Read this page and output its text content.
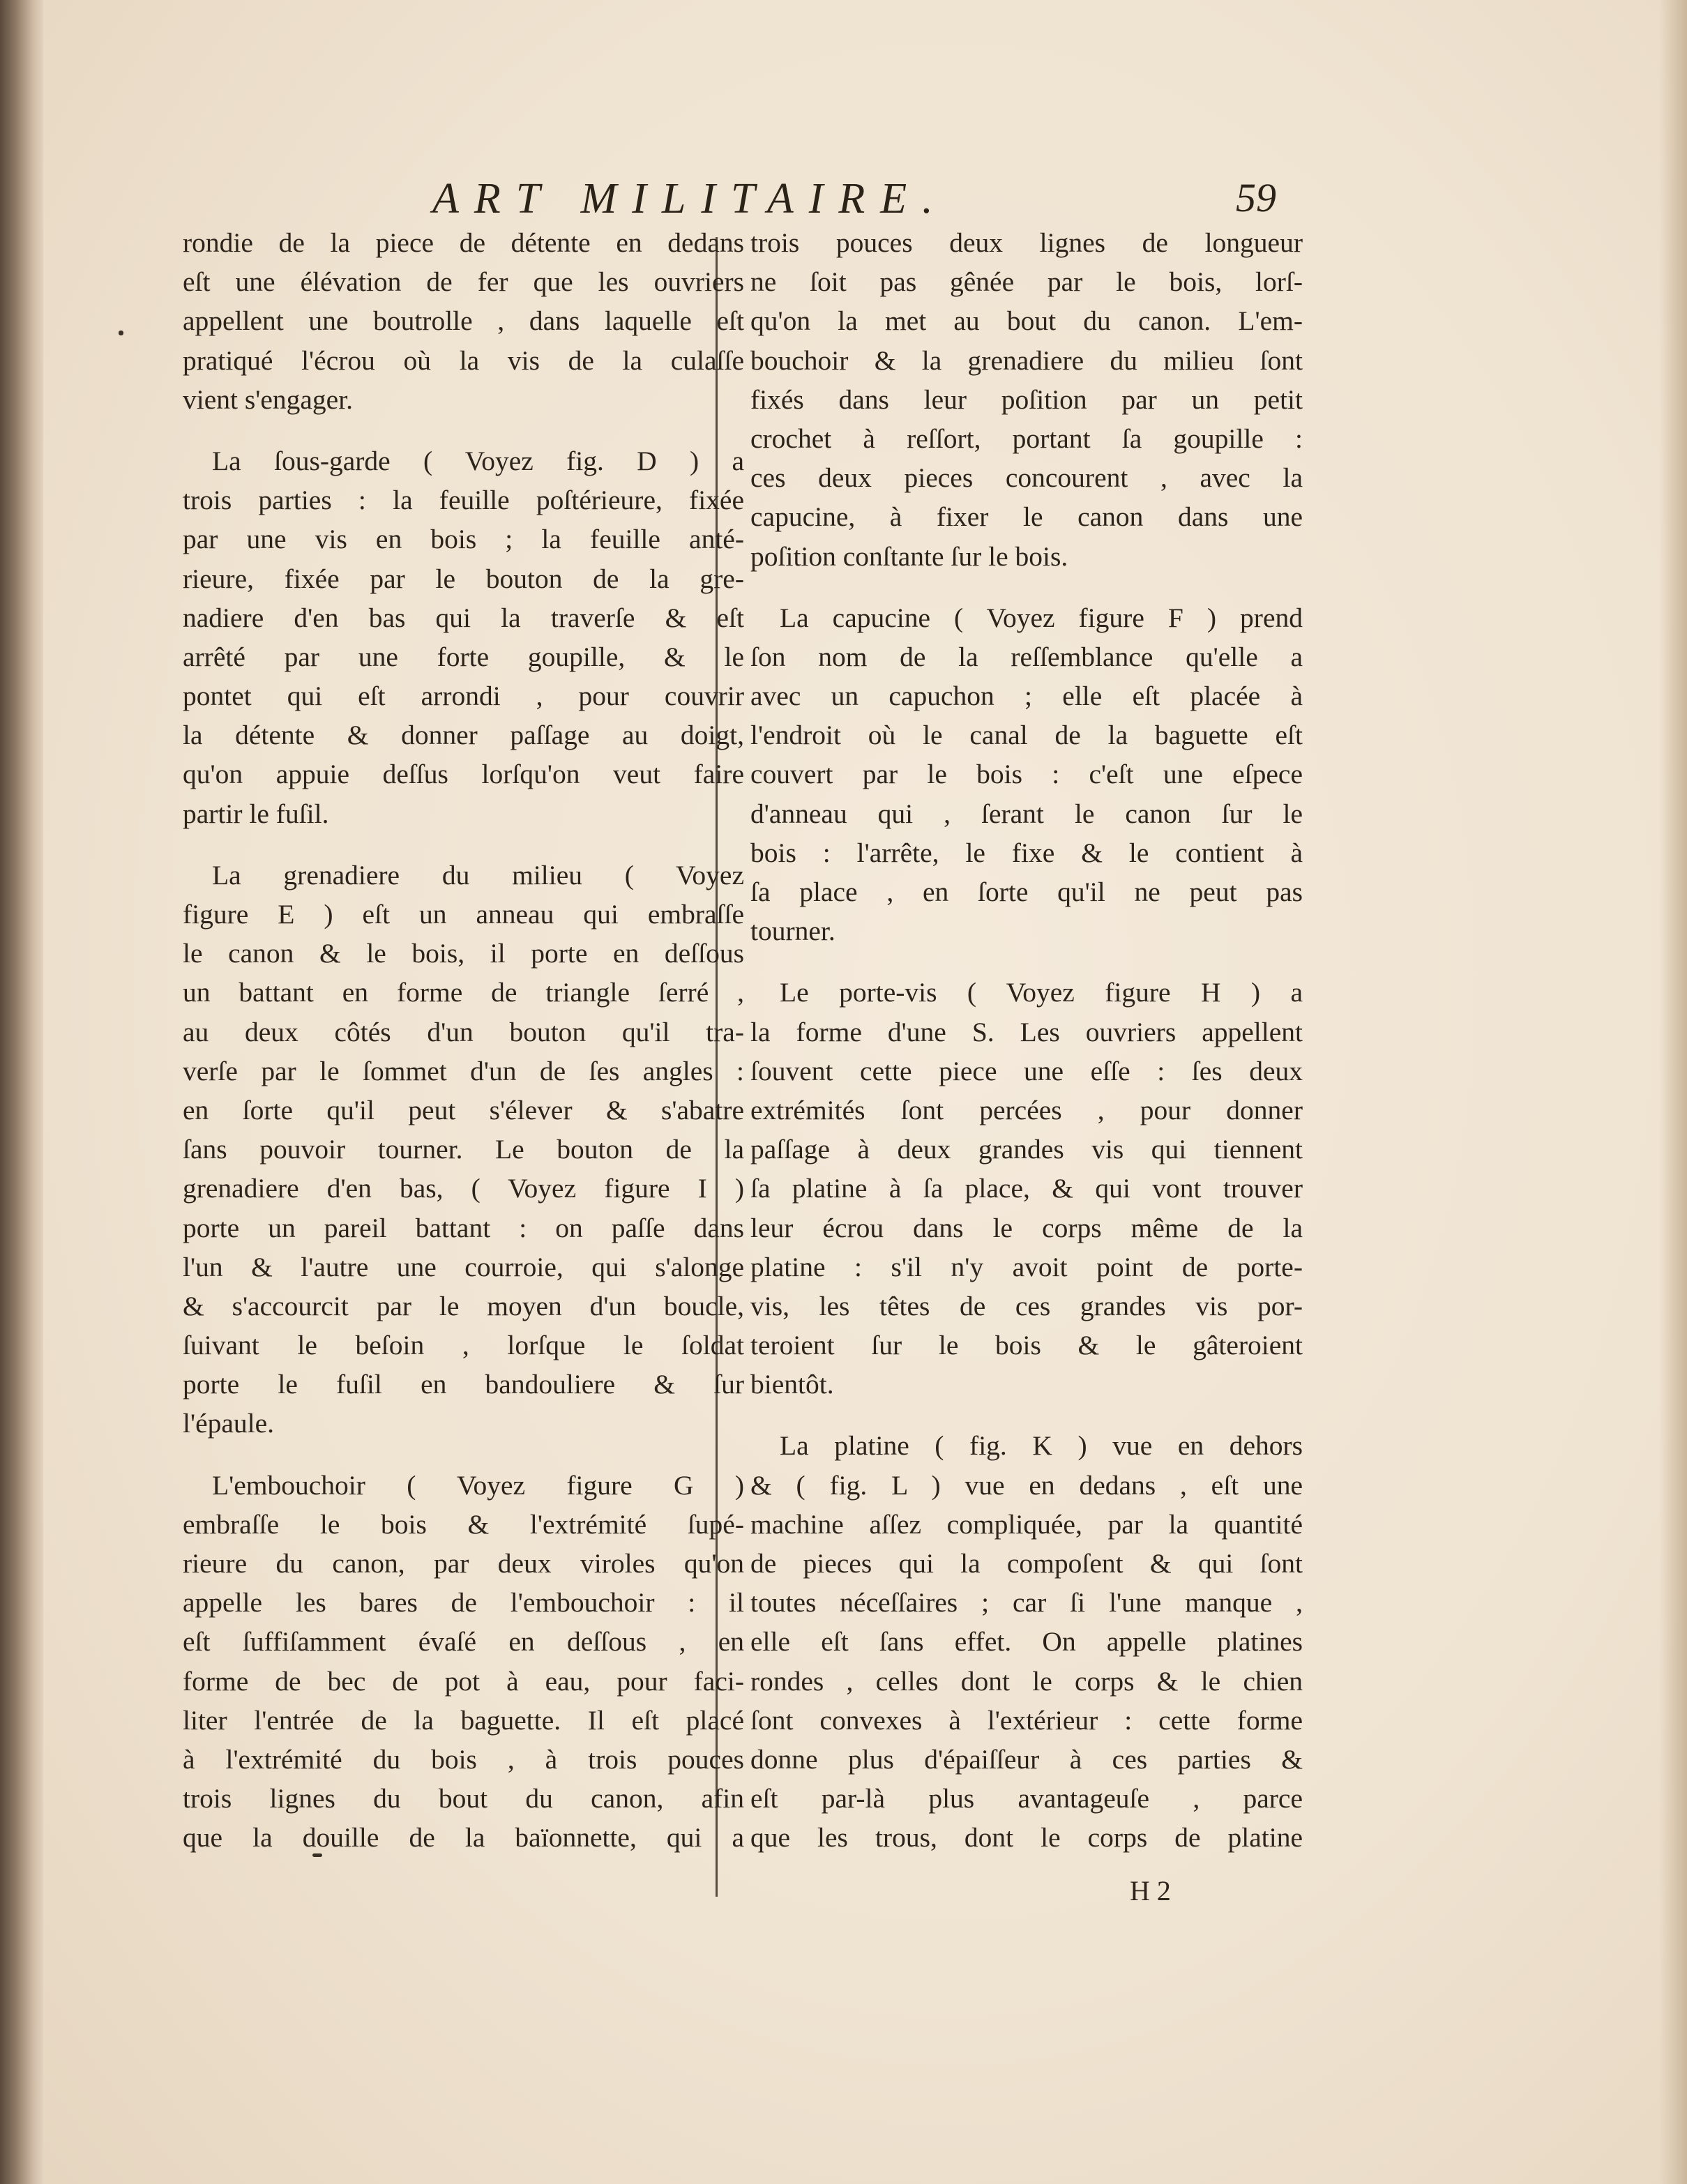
ART MILITAIRE.	59
rondie de la piece de détente en dedans
eſt une élévation de fer que les ouvriers
appellent une boutrolle , dans laquelle eſt
pratiqué l'écrou où la vis de la culaſſe
vient s'engager.
La ſous-garde ( Voyez fig. D ) a
trois parties : la feuille poſtérieure, fixée
par une vis en bois ; la feuille anté-
rieure, fixée par le bouton de la gre-
nadiere d'en bas qui la traverſe & eſt
arrêté par une forte goupille, & le
pontet qui eſt arrondi , pour couvrir
la détente & donner paſſage au doigt,
qu'on appuie deſſus lorſqu'on veut faire
partir le fuſil.
La grenadiere du milieu ( Voyez
figure E ) eſt un anneau qui embraſſe
le canon & le bois, il porte en deſſous
un battant en forme de triangle ſerré ,
au deux côtés d'un bouton qu'il tra-
verſe par le ſommet d'un de ſes angles :
en ſorte qu'il peut s'élever & s'abatre
ſans pouvoir tourner. Le bouton de la
grenadiere d'en bas, ( Voyez figure I )
porte un pareil battant : on paſſe dans
l'un & l'autre une courroie, qui s'alonge
& s'accourcit par le moyen d'un boucle,
ſuivant le beſoin , lorſque le ſoldat
porte le fuſil en bandouliere & ſur
l'épaule.
L'embouchoir ( Voyez figure G )
embraſſe le bois & l'extrémité ſupé-
rieure du canon, par deux viroles qu'on
appelle les bares de l'embouchoir : il
eſt ſuffiſamment évaſé en deſſous , en
forme de bec de pot à eau, pour faci-
liter l'entrée de la baguette. Il eſt placé
à l'extrémité du bois , à trois pouces
trois lignes du bout du canon, afin
que la douille de la baïonnette, qui a
trois pouces deux lignes de longueur
ne ſoit pas gênée par le bois, lorſ-
qu'on la met au bout du canon. L'em-
bouchoir & la grenadiere du milieu ſont
fixés dans leur poſition par un petit
crochet à reſſort, portant ſa goupille :
ces deux pieces concourent , avec la
capucine, à fixer le canon dans une
poſition conſtante ſur le bois.
La capucine ( Voyez figure F ) prend
ſon nom de la reſſemblance qu'elle a
avec un capuchon ; elle eſt placée à
l'endroit où le canal de la baguette eſt
couvert par le bois : c'eſt une eſpece
d'anneau qui , ſerant le canon ſur le
bois : l'arrête, le fixe & le contient à
ſa place , en ſorte qu'il ne peut pas
tourner.
Le porte-vis ( Voyez figure H ) a
la forme d'une S. Les ouvriers appellent
ſouvent cette piece une eſſe : ſes deux
extrémités ſont percées , pour donner
paſſage à deux grandes vis qui tiennent
ſa platine à ſa place, & qui vont trouver
leur écrou dans le corps même de la
platine : s'il n'y avoit point de porte-
vis, les têtes de ces grandes vis por-
teroient ſur le bois & le gâteroient
bientôt.
La platine ( fig. K ) vue en dehors
& ( fig. L ) vue en dedans , eſt une
machine aſſez compliquée, par la quantité
de pieces qui la compoſent & qui ſont
toutes néceſſaires ; car ſi l'une manque ,
elle eſt ſans effet. On appelle platines
rondes , celles dont le corps & le chien
ſont convexes à l'extérieur : cette forme
donne plus d'épaiſſeur à ces parties &
eſt par-là plus avantageuſe , parce
que les trous, dont le corps de platine
H 2
